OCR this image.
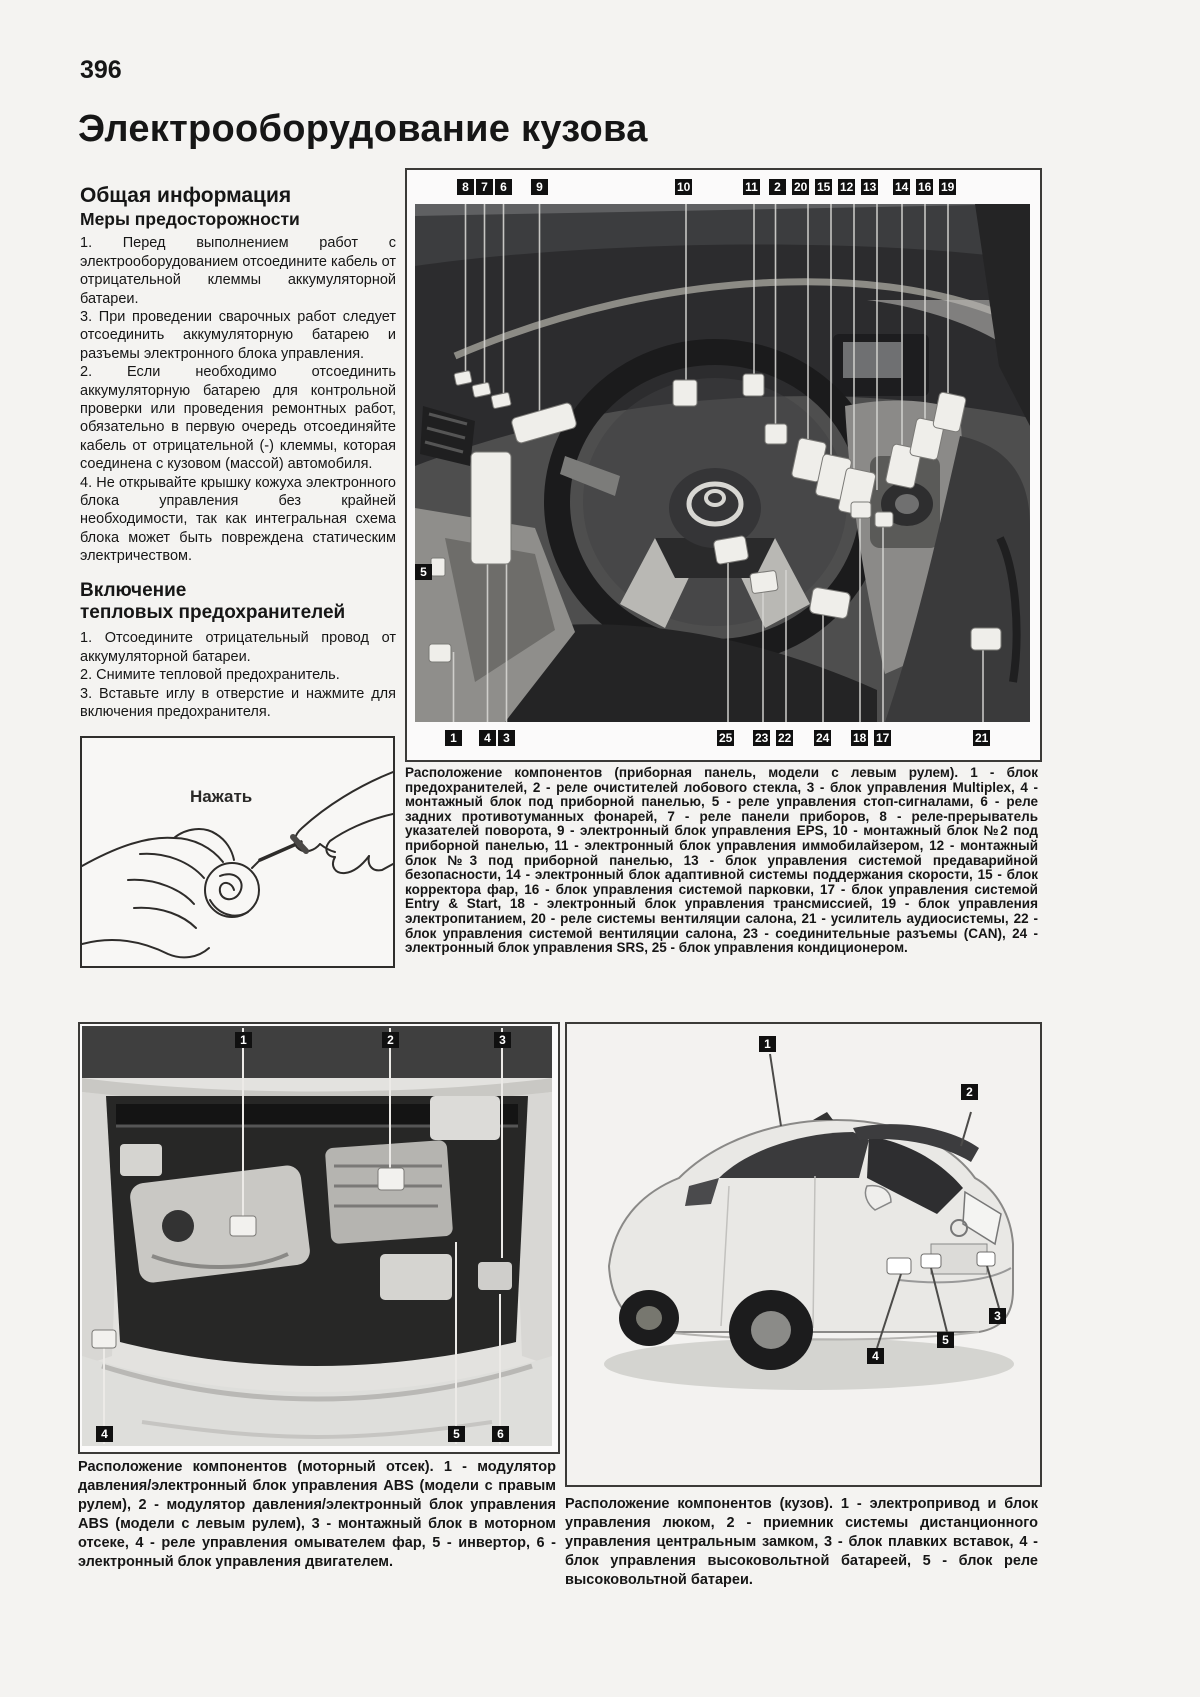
396
Электрооборудование кузова
Общая информация
Меры предосторожности

1. Перед выполнением работ с электрооборудованием отсоедините кабель от отрицательной клеммы аккумуляторной батареи.

3. При проведении сварочных работ следует отсоединить аккумуляторную батарею и разъемы электронного блока управления.

2. Если необходимо отсоединить аккумуляторную батарею для контрольной проверки или проведения ремонтных работ, обязательно в первую очередь отсоединяйте кабель от отрицательной (-) клеммы, которая соединена с кузовом (массой) автомобиля.

4. Не открывайте крышку кожуха электронного блока управления без крайней необходимости, так как интегральная схема блока может быть повреждена статическим электричеством.

Включение
тепловых предохранителей

1. Отсоедините отрицательный провод от аккумуляторной батареи.

2. Снимите тепловой предохранитель.

3. Вставьте иглу в отверстие и нажмите для включения предохранителя.

Нажать
8	7	6	9	10	11	2	20 15 12 13 14 16 19
5
1	4	3	25 23 22 24 18 17	21
Расположение компонентов (приборная панель, модели с левым рулем). 1 - блок предохранителей, 2 - реле очистителей лобового стекла, 3 - блок управления Multiplex, 4 - монтажный блок под приборной панелью, 5 - реле управления стоп-сигналами, 6 - реле задних противотуманных фонарей, 7 - реле панели приборов, 8 - реле-прерыватель указателей поворота, 9 - электронный блок управления EPS, 10 - монтажный блок №2 под приборной панелью, 11 - электронный блок управления иммобилайзером, 12 - монтажный блок №3 под приборной панелью, 13 - блок управления системой предаварийной безопасности, 14 - электронный блок адаптивной системы поддержания скорости, 15 - блок корректора фар, 16 - блок управления системой парковки, 17 - блок управления системой Entry & Start, 18 - электронный блок управления трансмиссией, 19 - блок управления электропитанием, 20 - реле системы вентиляции салона, 21 - усилитель аудиосистемы, 22 - блок управления системой вентиляции салона, 23 - соединительные разъемы (CAN), 24 - электронный блок управления SRS, 25 - блок управления кондиционером.
1	2	3
4	5	6
Расположение компонентов (моторный отсек). 1 - модулятор давления/электронный блок управления ABS (модели с правым рулем), 2 - модулятор давления/электронный блок управления ABS (модели с левым рулем), 3 - монтажный блок в моторном отсеке, 4 - реле управления омывателем фар, 5 - инвертор, 6 - электронный блок управления двигателем.
1
2
3
4
5
Расположение компонентов (кузов). 1 - электропривод и блок управления люком, 2 - приемник системы дистанционного управления центральным замком, 3 - блок плавких вставок, 4 - блок управления высоковольтной батареей, 5 - блок реле высоковольтной батареи.
